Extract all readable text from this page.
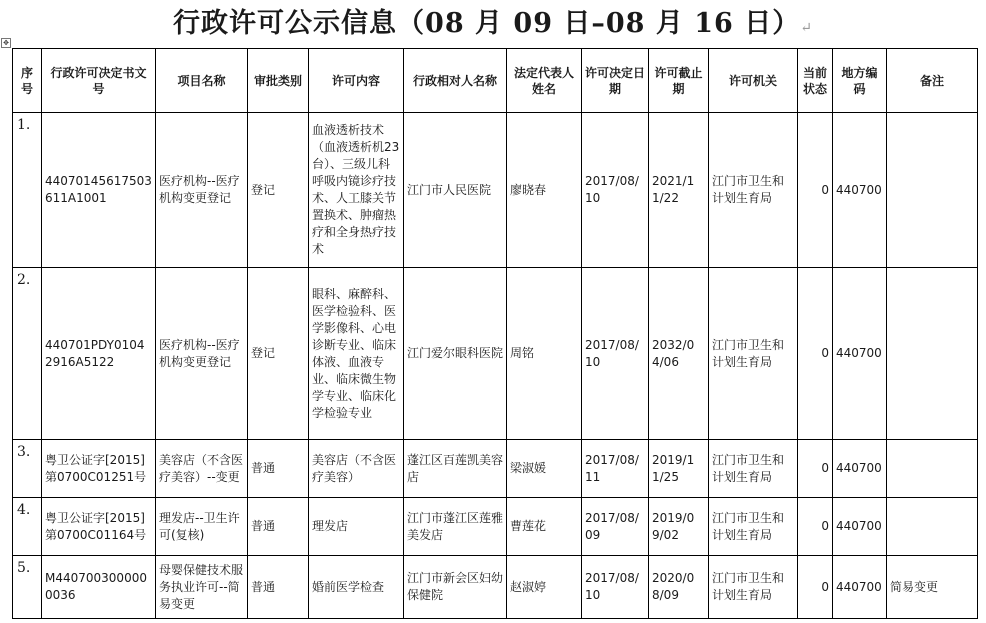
行政许可公示信息（08 月 09 日–08 月 16 日）↵
✥
序号	行政许可决定书文号	项目名称	审批类别	许可内容	行政相对人名称	法定代表人姓名	许可决定日期	许可截止期	许可机关	当前状态	地方编码	备注
1.	44070145617503611A1001	医疗机构--医疗机构变更登记	登记	血液透析技术（血液透析机23台）、三级儿科呼吸内镜诊疗技术、人工膝关节置换术、肿瘤热疗和全身热疗技术	江门市人民医院	廖晓春	2017/08/10	2021/11/22	江门市卫生和计划生育局	0	440700	
2.	440701PDY01042916A5122	医疗机构--医疗机构变更登记	登记	眼科、麻醉科、医学检验科、医学影像科、心电诊断专业、临床体液、血液专业、临床微生物学专业、临床化学检验专业	江门爱尔眼科医院	周铭	2017/08/10	2032/04/06	江门市卫生和计划生育局	0	440700	
3.	粤卫公证字[2015]第0700C01251号	美容店（不含医疗美容）--变更	普通	美容店（不含医疗美容）	蓬江区百莲凯美容店	梁淑媛	2017/08/11	2019/11/25	江门市卫生和计划生育局	0	440700	
4.	粤卫公证字[2015]第0700C01164号	理发店--卫生许可(复核)	普通	理发店	江门市蓬江区莲雅美发店	曹莲花	2017/08/09	2019/09/02	江门市卫生和计划生育局	0	440700	
5.	M4407003000000036	母婴保健技术服务执业许可--简易变更	普通	婚前医学检查	江门市新会区妇幼保健院	赵淑婷	2017/08/10	2020/08/09	江门市卫生和计划生育局	0	440700	简易变更
